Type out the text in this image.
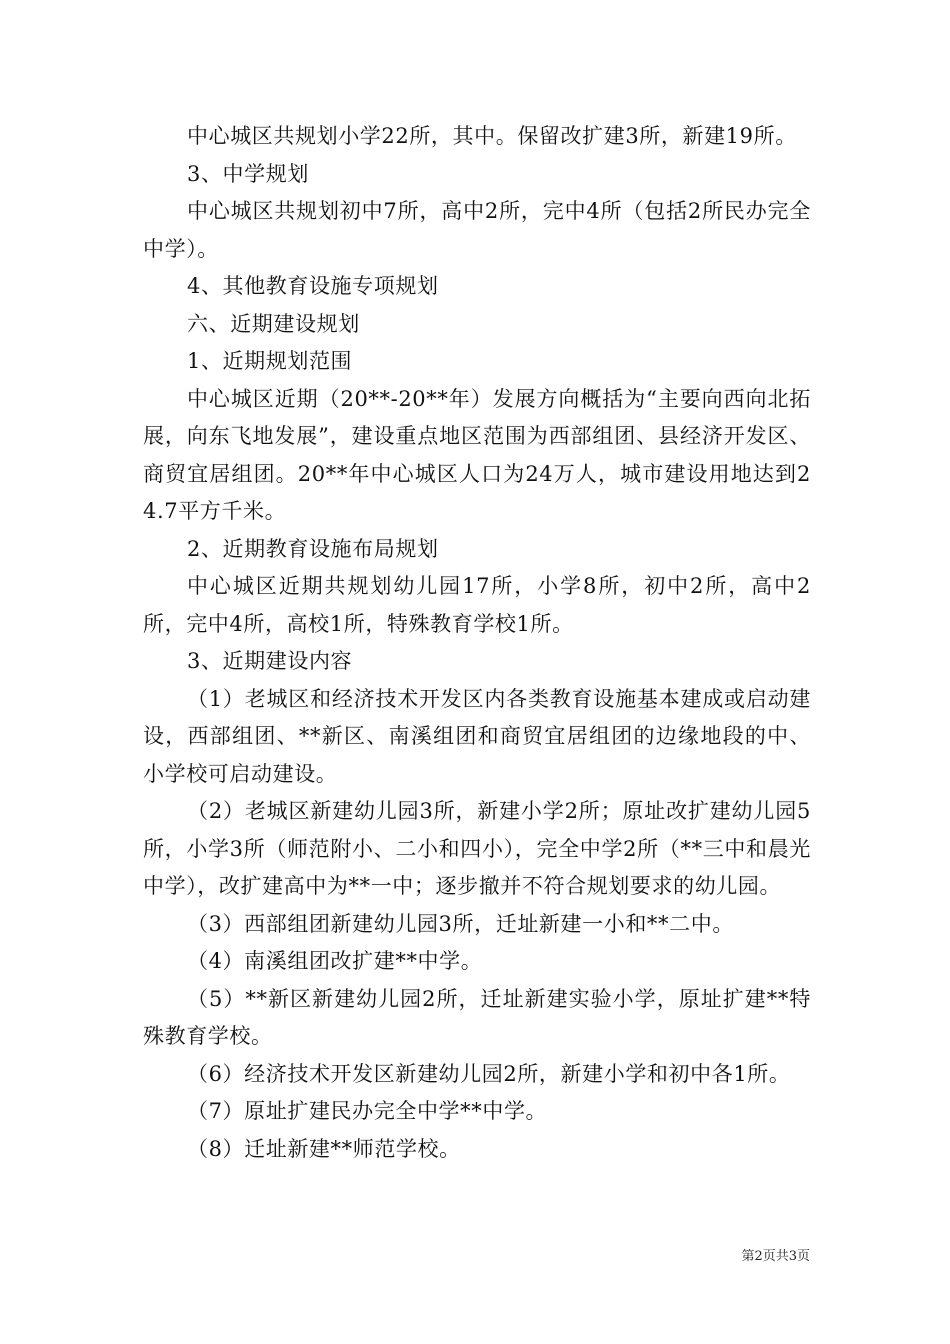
中心城区共规划小学22所，其中。保留改扩建3所，新建19所。

3、中学规划

中心城区共规划初中7所，高中2所，完中4所（包括2所民办完全中学）。

4、其他教育设施专项规划

六、近期建设规划

1、近期规划范围

中心城区近期（20**-20**年）发展方向概括为“主要向西向北拓展，向东飞地发展”，建设重点地区范围为西部组团、县经济开发区、商贸宜居组团。20**年中心城区人口为24万人，城市建设用地达到24.7平方千米。

2、近期教育设施布局规划

中心城区近期共规划幼儿园17所，小学8所，初中2所，高中2所，完中4所，高校1所，特殊教育学校1所。

3、近期建设内容

（1）老城区和经济技术开发区内各类教育设施基本建成或启动建设，西部组团、**新区、南溪组团和商贸宜居组团的边缘地段的中、小学校可启动建设。

（2）老城区新建幼儿园3所，新建小学2所；原址改扩建幼儿园5所，小学3所（师范附小、二小和四小），完全中学2所（**三中和晨光中学），改扩建高中为**一中；逐步撤并不符合规划要求的幼儿园。

（3）西部组团新建幼儿园3所，迁址新建一小和**二中。

（4）南溪组团改扩建**中学。

（5）**新区新建幼儿园2所，迁址新建实验小学，原址扩建**特殊教育学校。

（6）经济技术开发区新建幼儿园2所，新建小学和初中各1所。

（7）原址扩建民办完全中学**中学。

（8）迁址新建**师范学校。

第2页共3页
